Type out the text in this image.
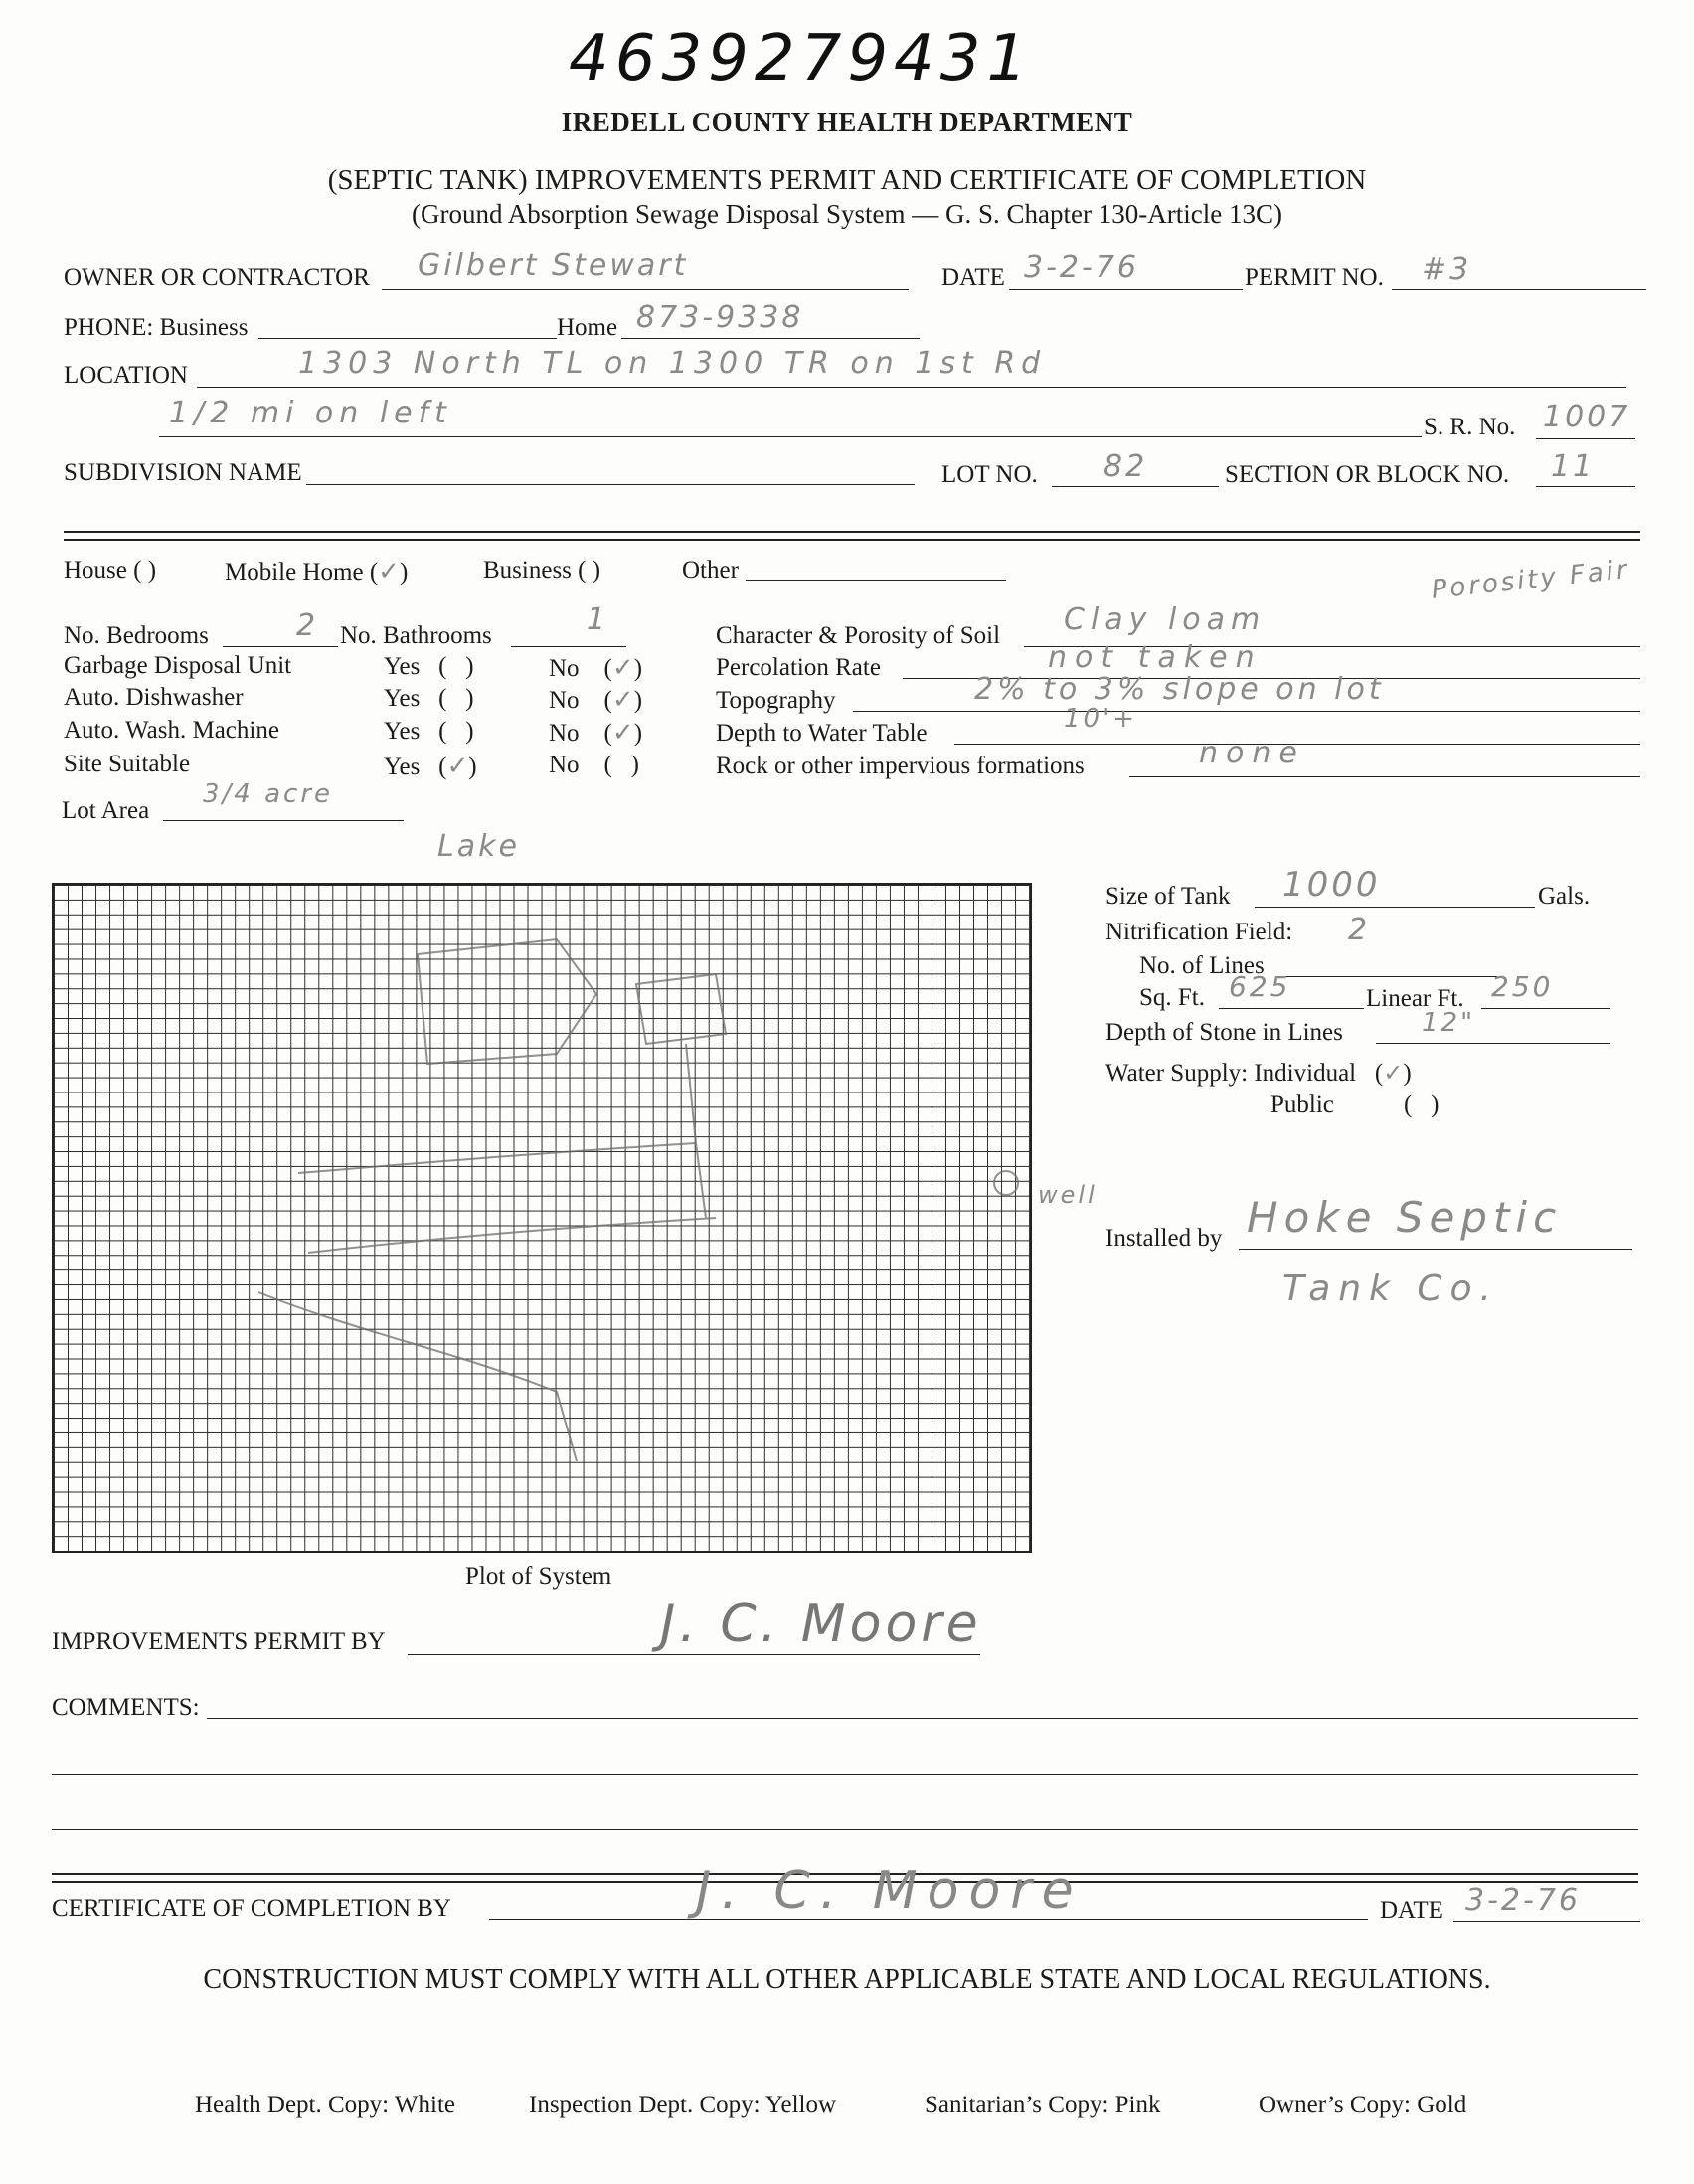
4639279431
IREDELL COUNTY HEALTH DEPARTMENT
(SEPTIC TANK) IMPROVEMENTS PERMIT AND CERTIFICATE OF COMPLETION
(Ground Absorption Sewage Disposal System — G. S. Chapter 130-Article 13C)
OWNER OR CONTRACTOR Gilbert Stewart	DATE 3-2-76	PERMIT NO. #3
PHONE: Business	Home 873-9338
LOCATION	1303 North TL on 1300 TR on 1st Rd
1/2 mi on left	S. R. No. 1007
SUBDIVISION NAME	LOT NO. 82	SECTION OR BLOCK NO. 11
House ( )	Mobile Home (✓)	Business ( )	Other
No. Bedrooms	2 No. Bathrooms	1
Garbage Disposal Unit	Yes   (   )	No    (✓)
Auto. Dishwasher	Yes   (   )	No    (✓)
Auto. Wash. Machine	Yes   (   )	No    (✓)
Site Suitable	Yes   (✓)	No    (   )
Lot Area
3/4 acre
Character & Porosity of Soil Clay loam
Porosity Fair
Percolation Rate	not taken
Topography	2% to 3% slope on lot
Depth to Water Table	10'+
Rock or other impervious formations	none
Lake
well
Plot of System
Size of Tank 1000	Gals.
Nitrification Field: 2
No. of Lines
Sq. Ft. 625	Linear Ft. 250
Depth of Stone in Lines	12"
Water Supply: Individual (✓)
Public	(   )
Installed by Hoke Septic
Tank Co.
IMPROVEMENTS PERMIT BY	J. C. Moore
COMMENTS:
CERTIFICATE OF COMPLETION BY	J. C. Moore	DATE 3-2-76
CONSTRUCTION MUST COMPLY WITH ALL OTHER APPLICABLE STATE AND LOCAL REGULATIONS.
Health Dept. Copy: White	Inspection Dept. Copy: Yellow	Sanitarian’s Copy: Pink	Owner’s Copy: Gold
